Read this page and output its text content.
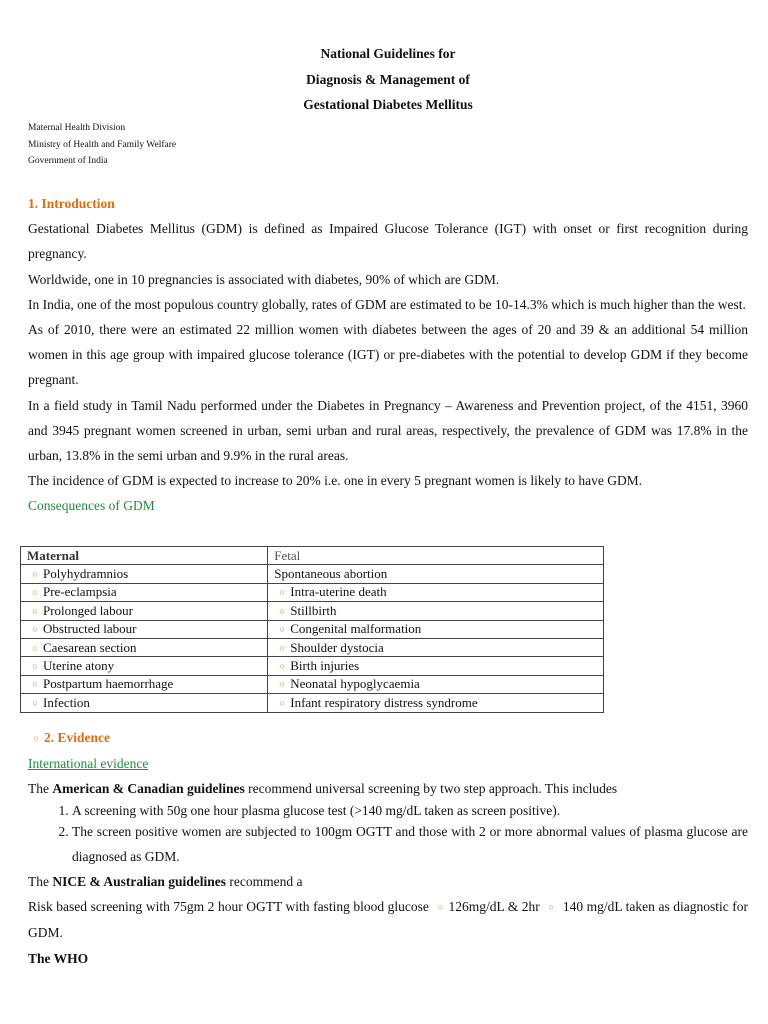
National Guidelines for
Diagnosis & Management of
Gestational Diabetes Mellitus
Maternal Health Division
Ministry of Health and Family Welfare
Government of India
1. Introduction
Gestational Diabetes Mellitus (GDM) is defined as Impaired Glucose Tolerance (IGT) with onset or first recognition during pregnancy.
Worldwide, one in 10 pregnancies is associated with diabetes, 90% of which are GDM.
In India, one of the most populous country globally, rates of GDM are estimated to be 10-14.3% which is much higher than the west.
As of 2010, there were an estimated 22 million women with diabetes between the ages of 20 and 39 & an additional 54 million women in this age group with impaired glucose tolerance (IGT) or pre-diabetes with the potential to develop GDM if they become pregnant.
In a field study in Tamil Nadu performed under the Diabetes in Pregnancy – Awareness and Prevention project, of the 4151, 3960 and 3945 pregnant women screened in urban, semi urban and rural areas, respectively, the prevalence of GDM was 17.8% in the urban, 13.8% in the semi urban and 9.9% in the rural areas.
The incidence of GDM is expected to increase to 20% i.e. one in every 5 pregnant women is likely to have GDM.
Consequences of GDM
Maternal	Fetal
○ Polyhydramnios	Spontaneous abortion
○ Pre-eclampsia	○ Intra-uterine death
○ Prolonged labour	○ Stillbirth
○ Obstructed labour	○ Congenital malformation
○ Caesarean section	○ Shoulder dystocia
○ Uterine atony	○ Birth injuries
○ Postpartum haemorrhage	○ Neonatal hypoglycaemia
○ Infection	○ Infant respiratory distress syndrome
○ 2. Evidence
International evidence
The American & Canadian guidelines recommend universal screening by two step approach. This includes
1. A screening with 50g one hour plasma glucose test (>140 mg/dL taken as screen positive).
2. The screen positive women are subjected to 100gm OGTT and those with 2 or more abnormal values of plasma glucose are diagnosed as GDM.
The NICE & Australian guidelines recommend a
Risk based screening with 75gm 2 hour OGTT with fasting blood glucose ○ 126mg/dL & 2hr ○ 140 mg/dL taken as diagnostic for GDM.
The WHO
